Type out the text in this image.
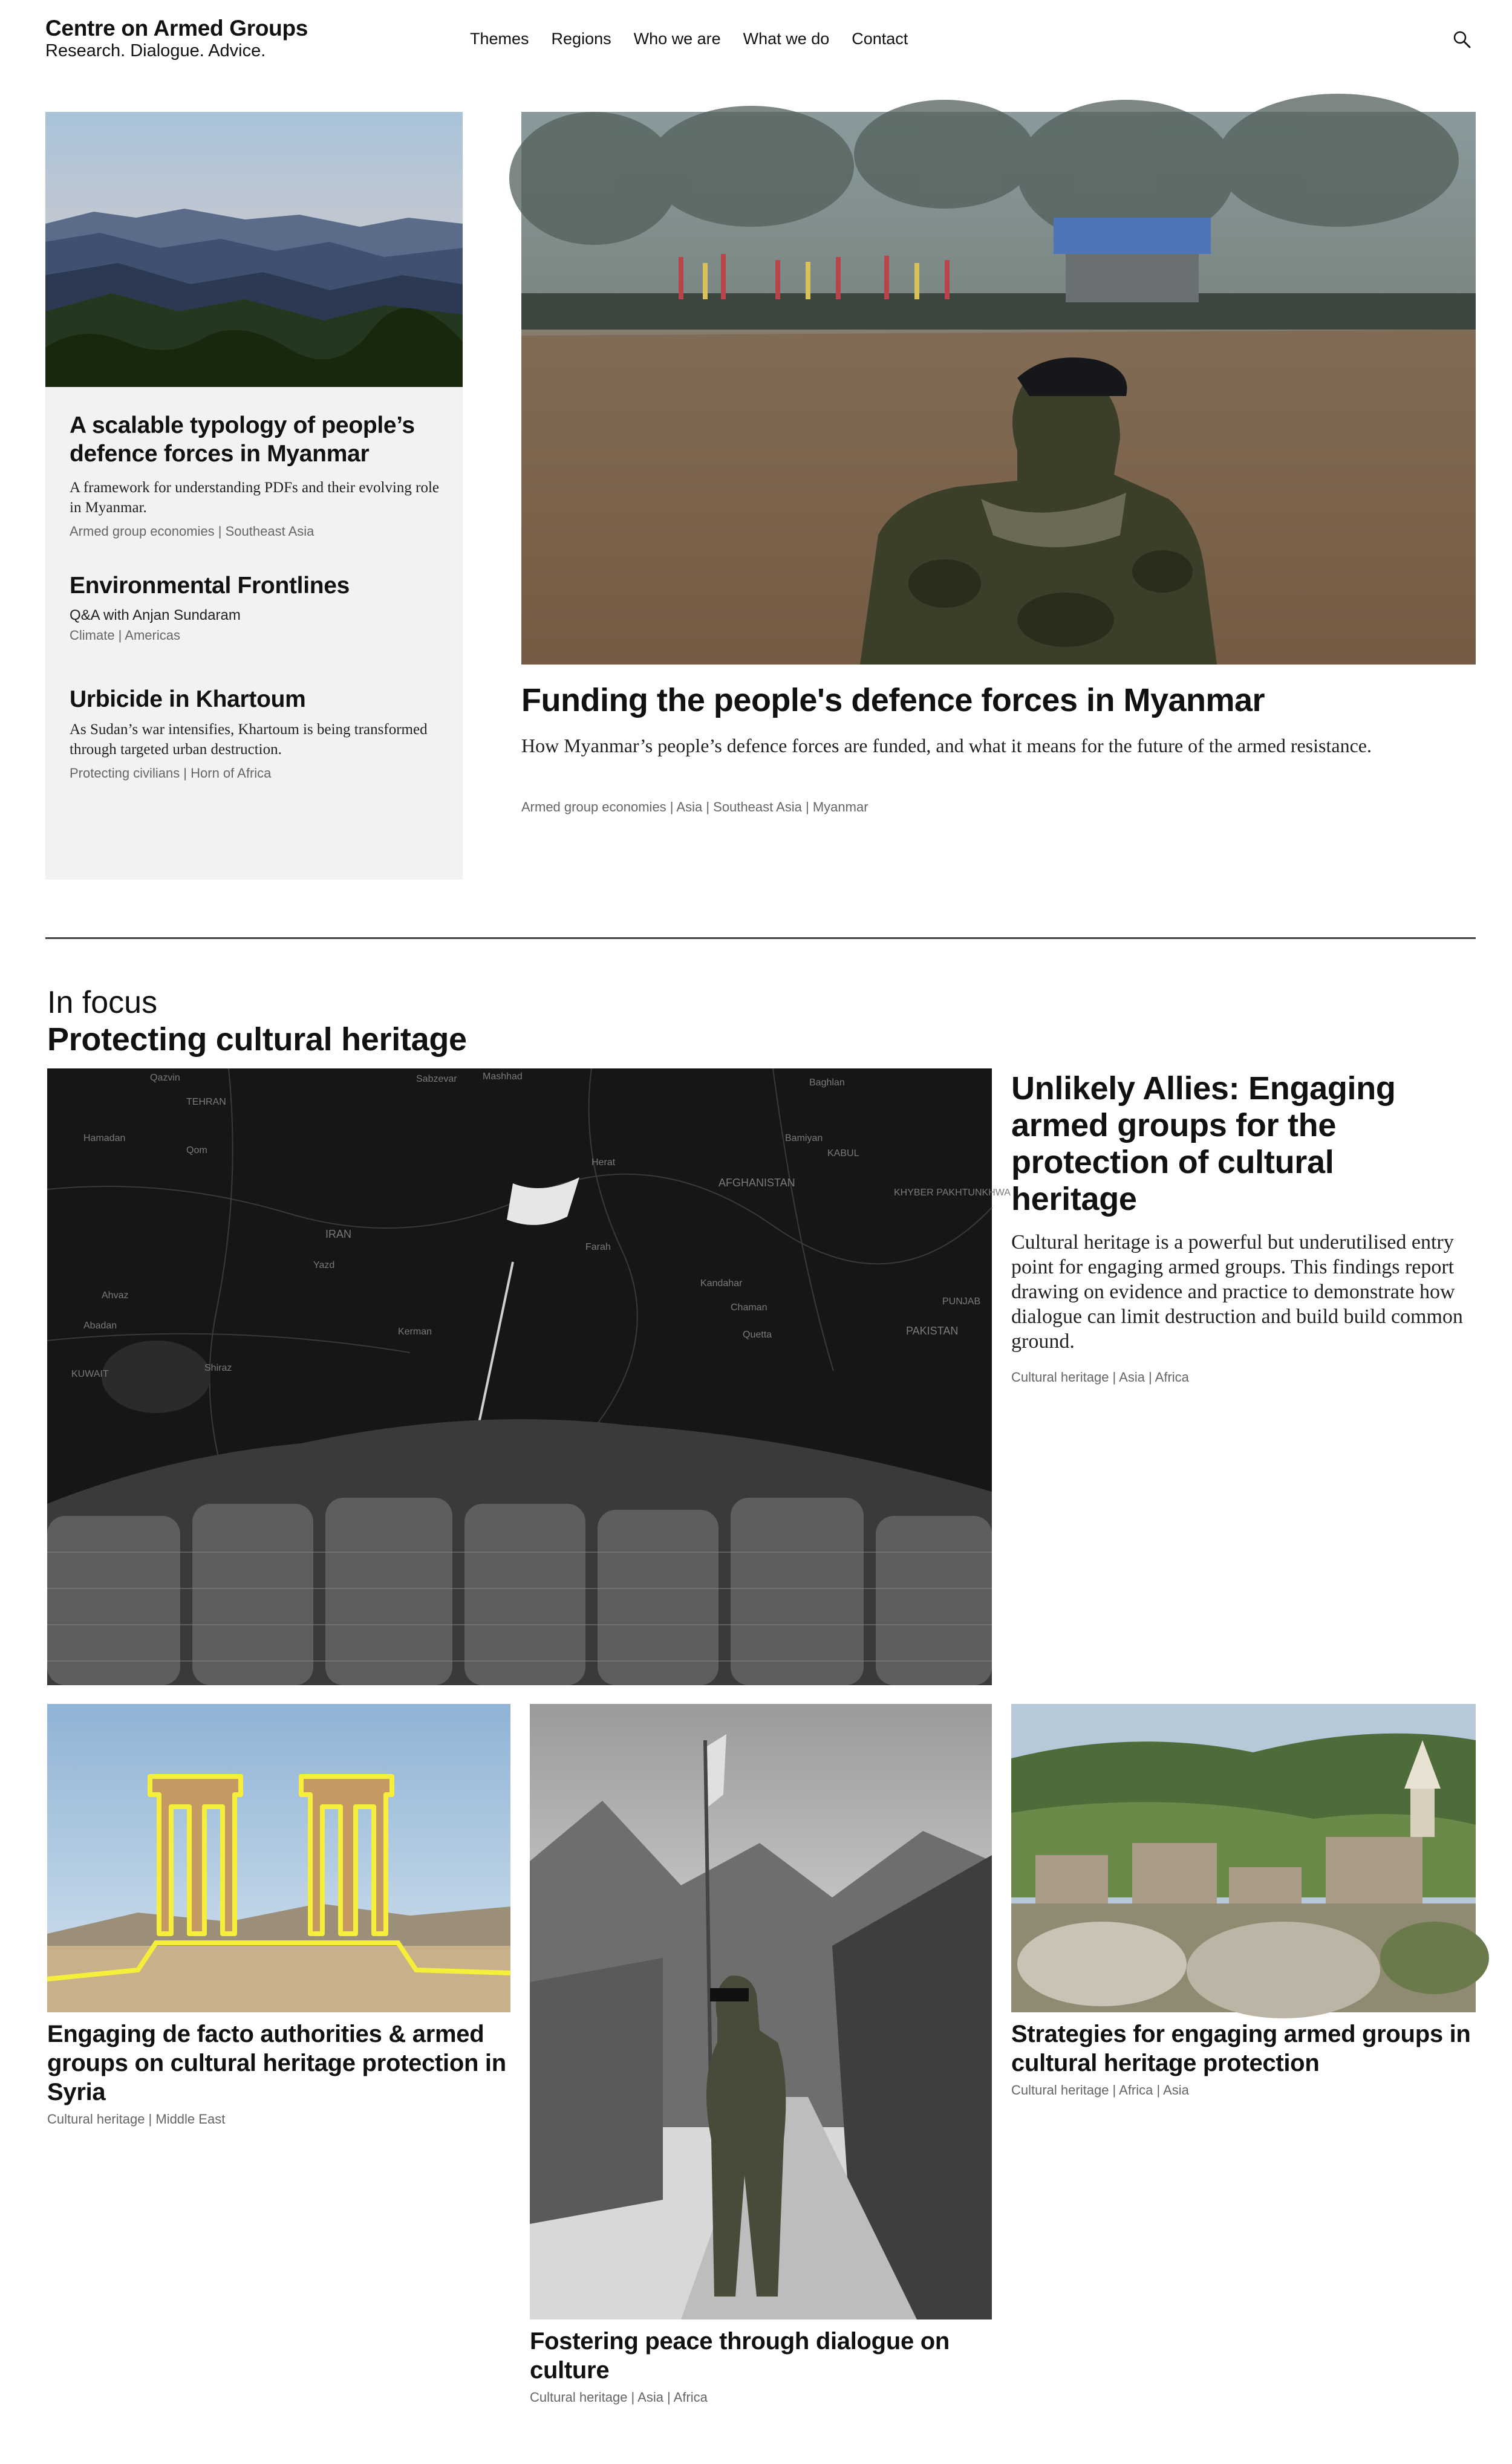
Centre on Armed Groups
Research. Dialogue. Advice.
Themes Regions Who we are What we do Contact
A scalable typology of people’s defence forces in Myanmar
A framework for understanding PDFs and their evolving role in Myanmar.
Armed group economies | Southeast Asia
Environmental Frontlines
Q&A with Anjan Sundaram
Climate | Americas
Urbicide in Khartoum
As Sudan’s war intensifies, Khartoum is being transformed through targeted urban destruction.
Protecting civilians | Horn of Africa
Funding the people's defence forces in Myanmar
How Myanmar’s people’s defence forces are funded, and what it means for the future of the armed resistance.
Armed group economies | Asia | Southeast Asia | Myanmar
In focus
Protecting cultural heritage
Qazvin	Sabzevar	Mashhad
Baghlan
TEHRAN
Hamadan
Qom
Bamiyan
KABUL
Herat
AFGHANISTAN
IRAN
KHYBER PAKHTUNKHWA
Yazd
Farah
Kandahar
PUNJAB
Ahvaz
Kerman
Chaman
Quetta	PAKISTAN
KUWAIT
Shiraz
Abadan
Unlikely Allies: Engaging armed groups for the protection of cultural heritage
Cultural heritage is a powerful but underutilised entry point for engaging armed groups. This findings report drawing on evidence and practice to demonstrate how dialogue can limit destruction and build build common ground.
Cultural heritage | Asia | Africa
Engaging de facto authorities & armed groups on cultural heritage protection in Syria
Cultural heritage | Middle East
Fostering peace through dialogue on culture
Cultural heritage | Asia | Africa
Strategies for engaging armed groups in cultural heritage protection
Cultural heritage | Africa | Asia
